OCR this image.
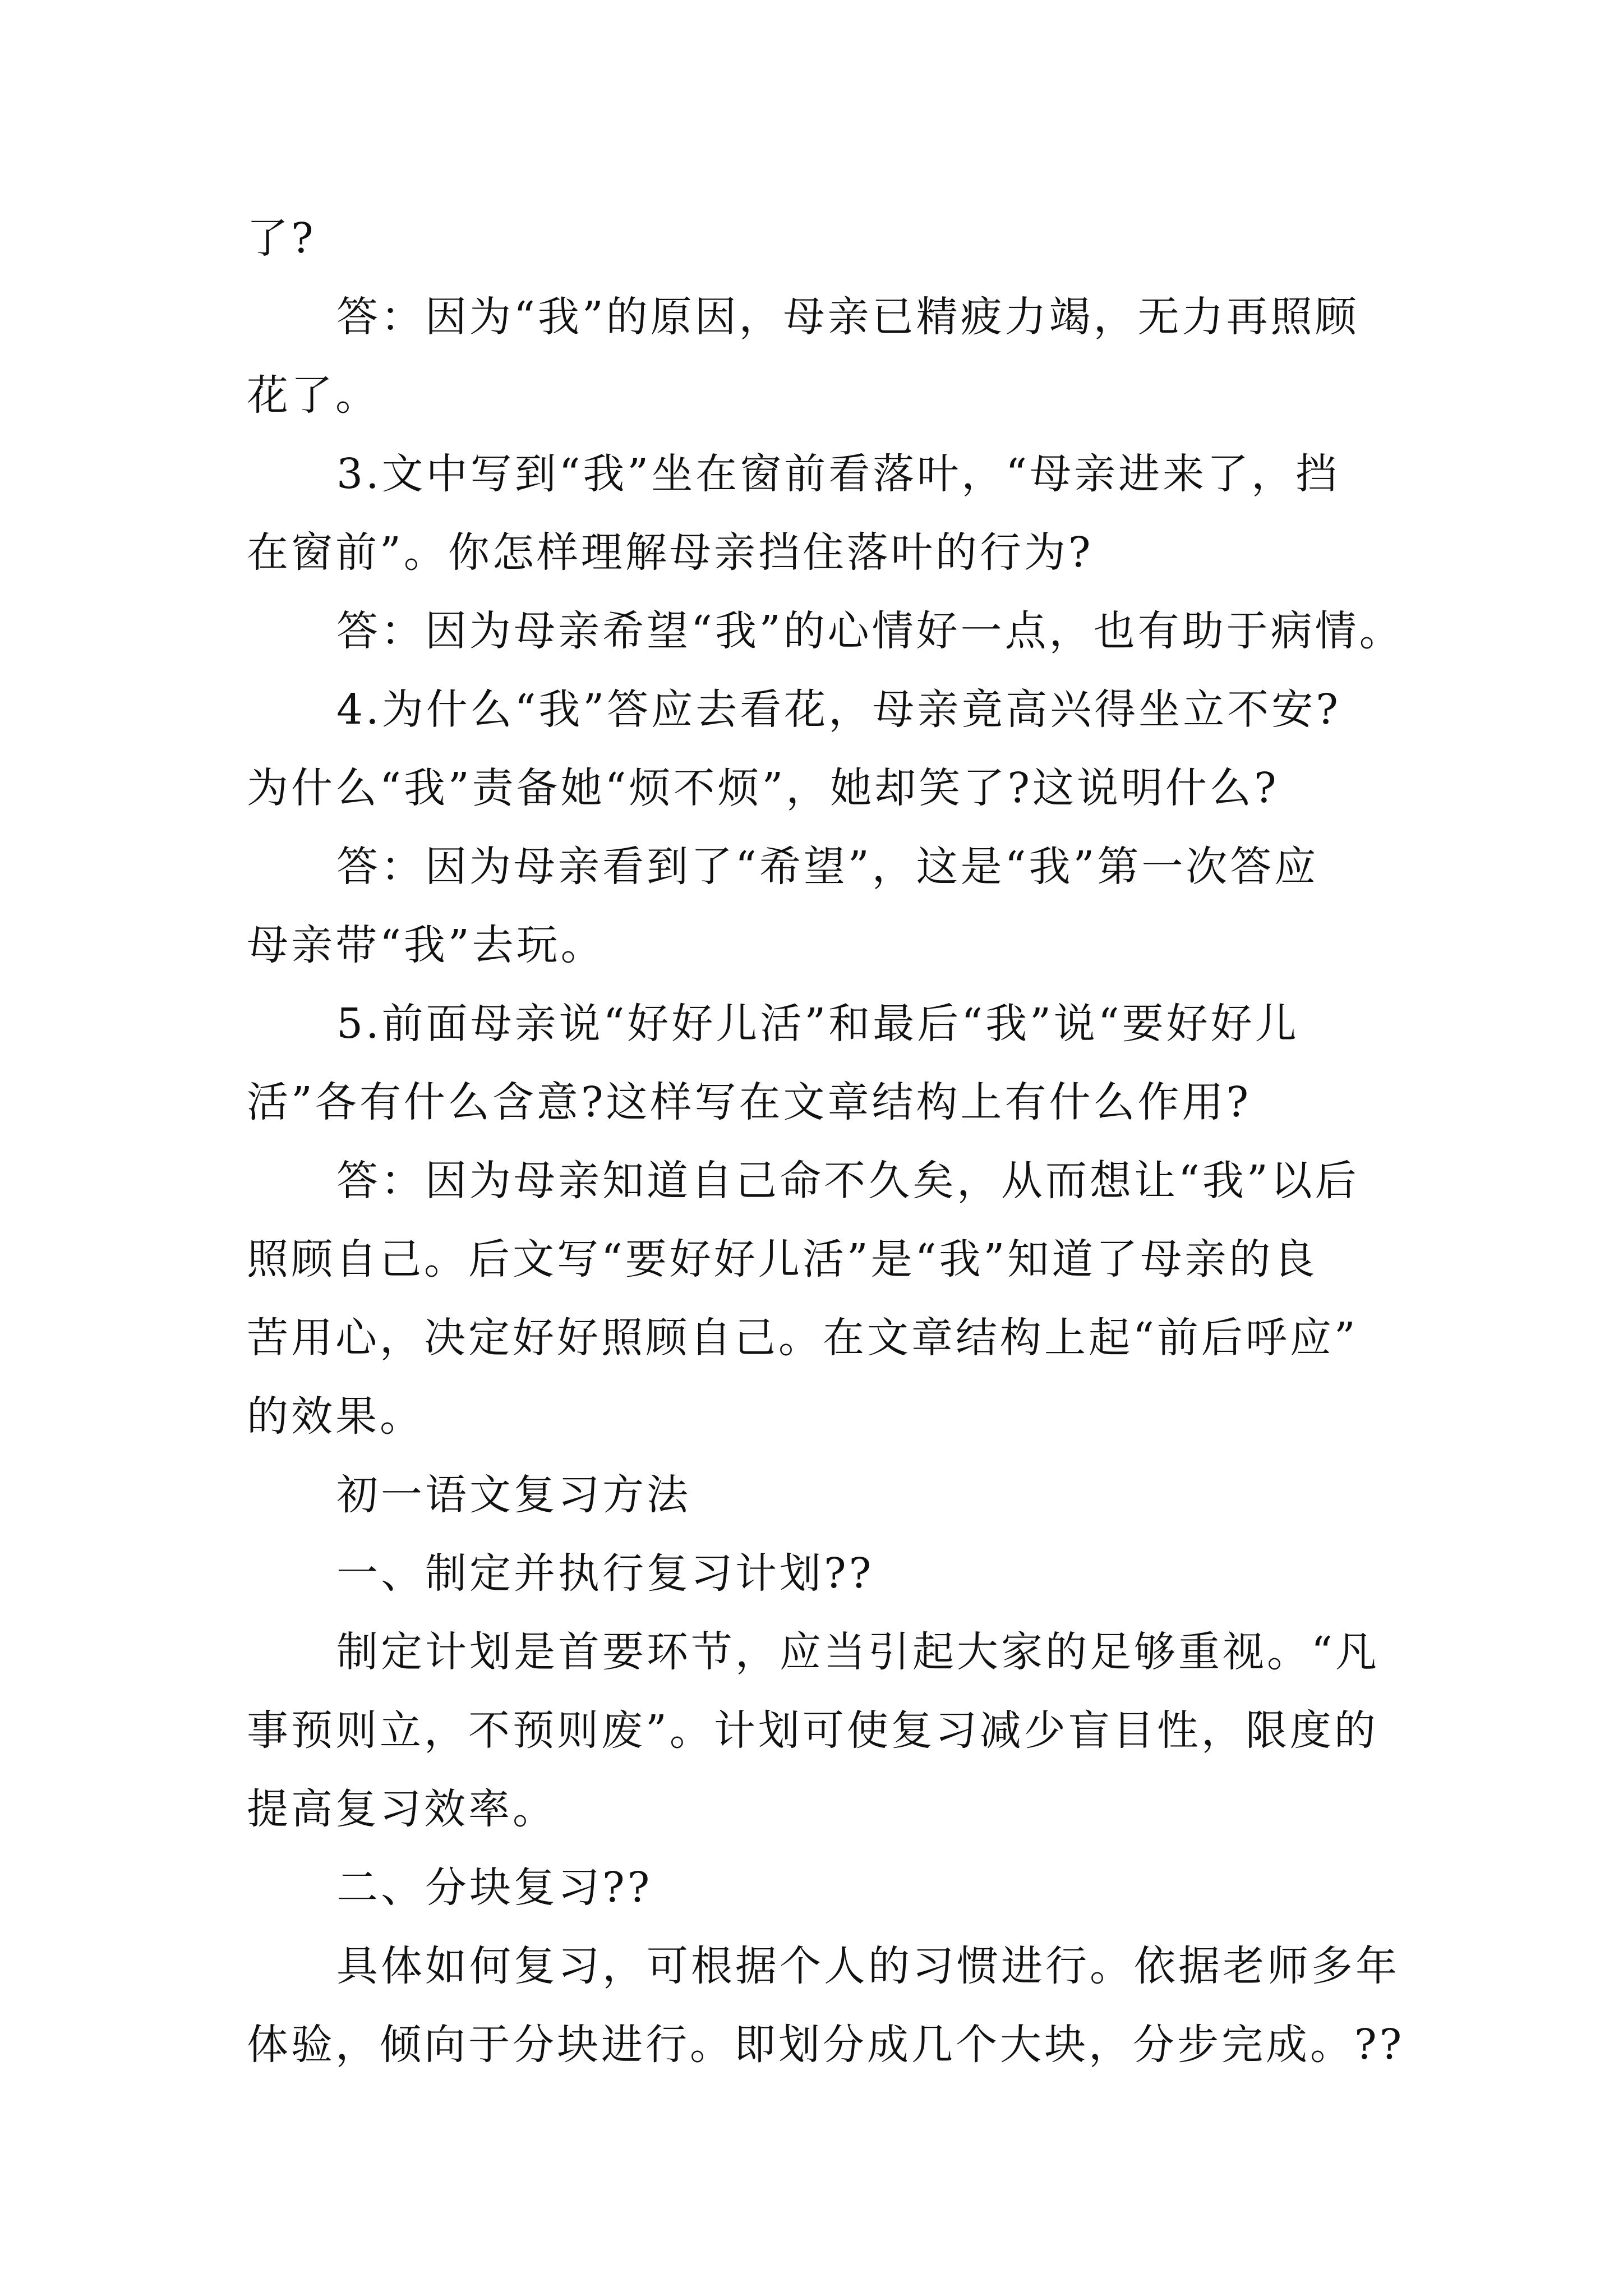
了?
答：因为“我”的原因，母亲已精疲力竭，无力再照顾
花了。
3.文中写到“我”坐在窗前看落叶，“母亲进来了，挡
在窗前”。你怎样理解母亲挡住落叶的行为?
答：因为母亲希望“我”的心情好一点，也有助于病情。
4.为什么“我”答应去看花，母亲竟高兴得坐立不安?
为什么“我”责备她“烦不烦”，她却笑了?这说明什么?
答：因为母亲看到了“希望”，这是“我”第一次答应
母亲带“我”去玩。
5.前面母亲说“好好儿活”和最后“我”说“要好好儿
活”各有什么含意?这样写在文章结构上有什么作用?
答：因为母亲知道自己命不久矣，从而想让“我”以后
照顾自己。后文写“要好好儿活”是“我”知道了母亲的良
苦用心，决定好好照顾自己。在文章结构上起“前后呼应”
的效果。
初一语文复习方法
一、制定并执行复习计划??
制定计划是首要环节，应当引起大家的足够重视。“凡
事预则立，不预则废”。计划可使复习减少盲目性，限度的
提高复习效率。
二、分块复习??
具体如何复习，可根据个人的习惯进行。依据老师多年
体验，倾向于分块进行。即划分成几个大块，分步完成。??
